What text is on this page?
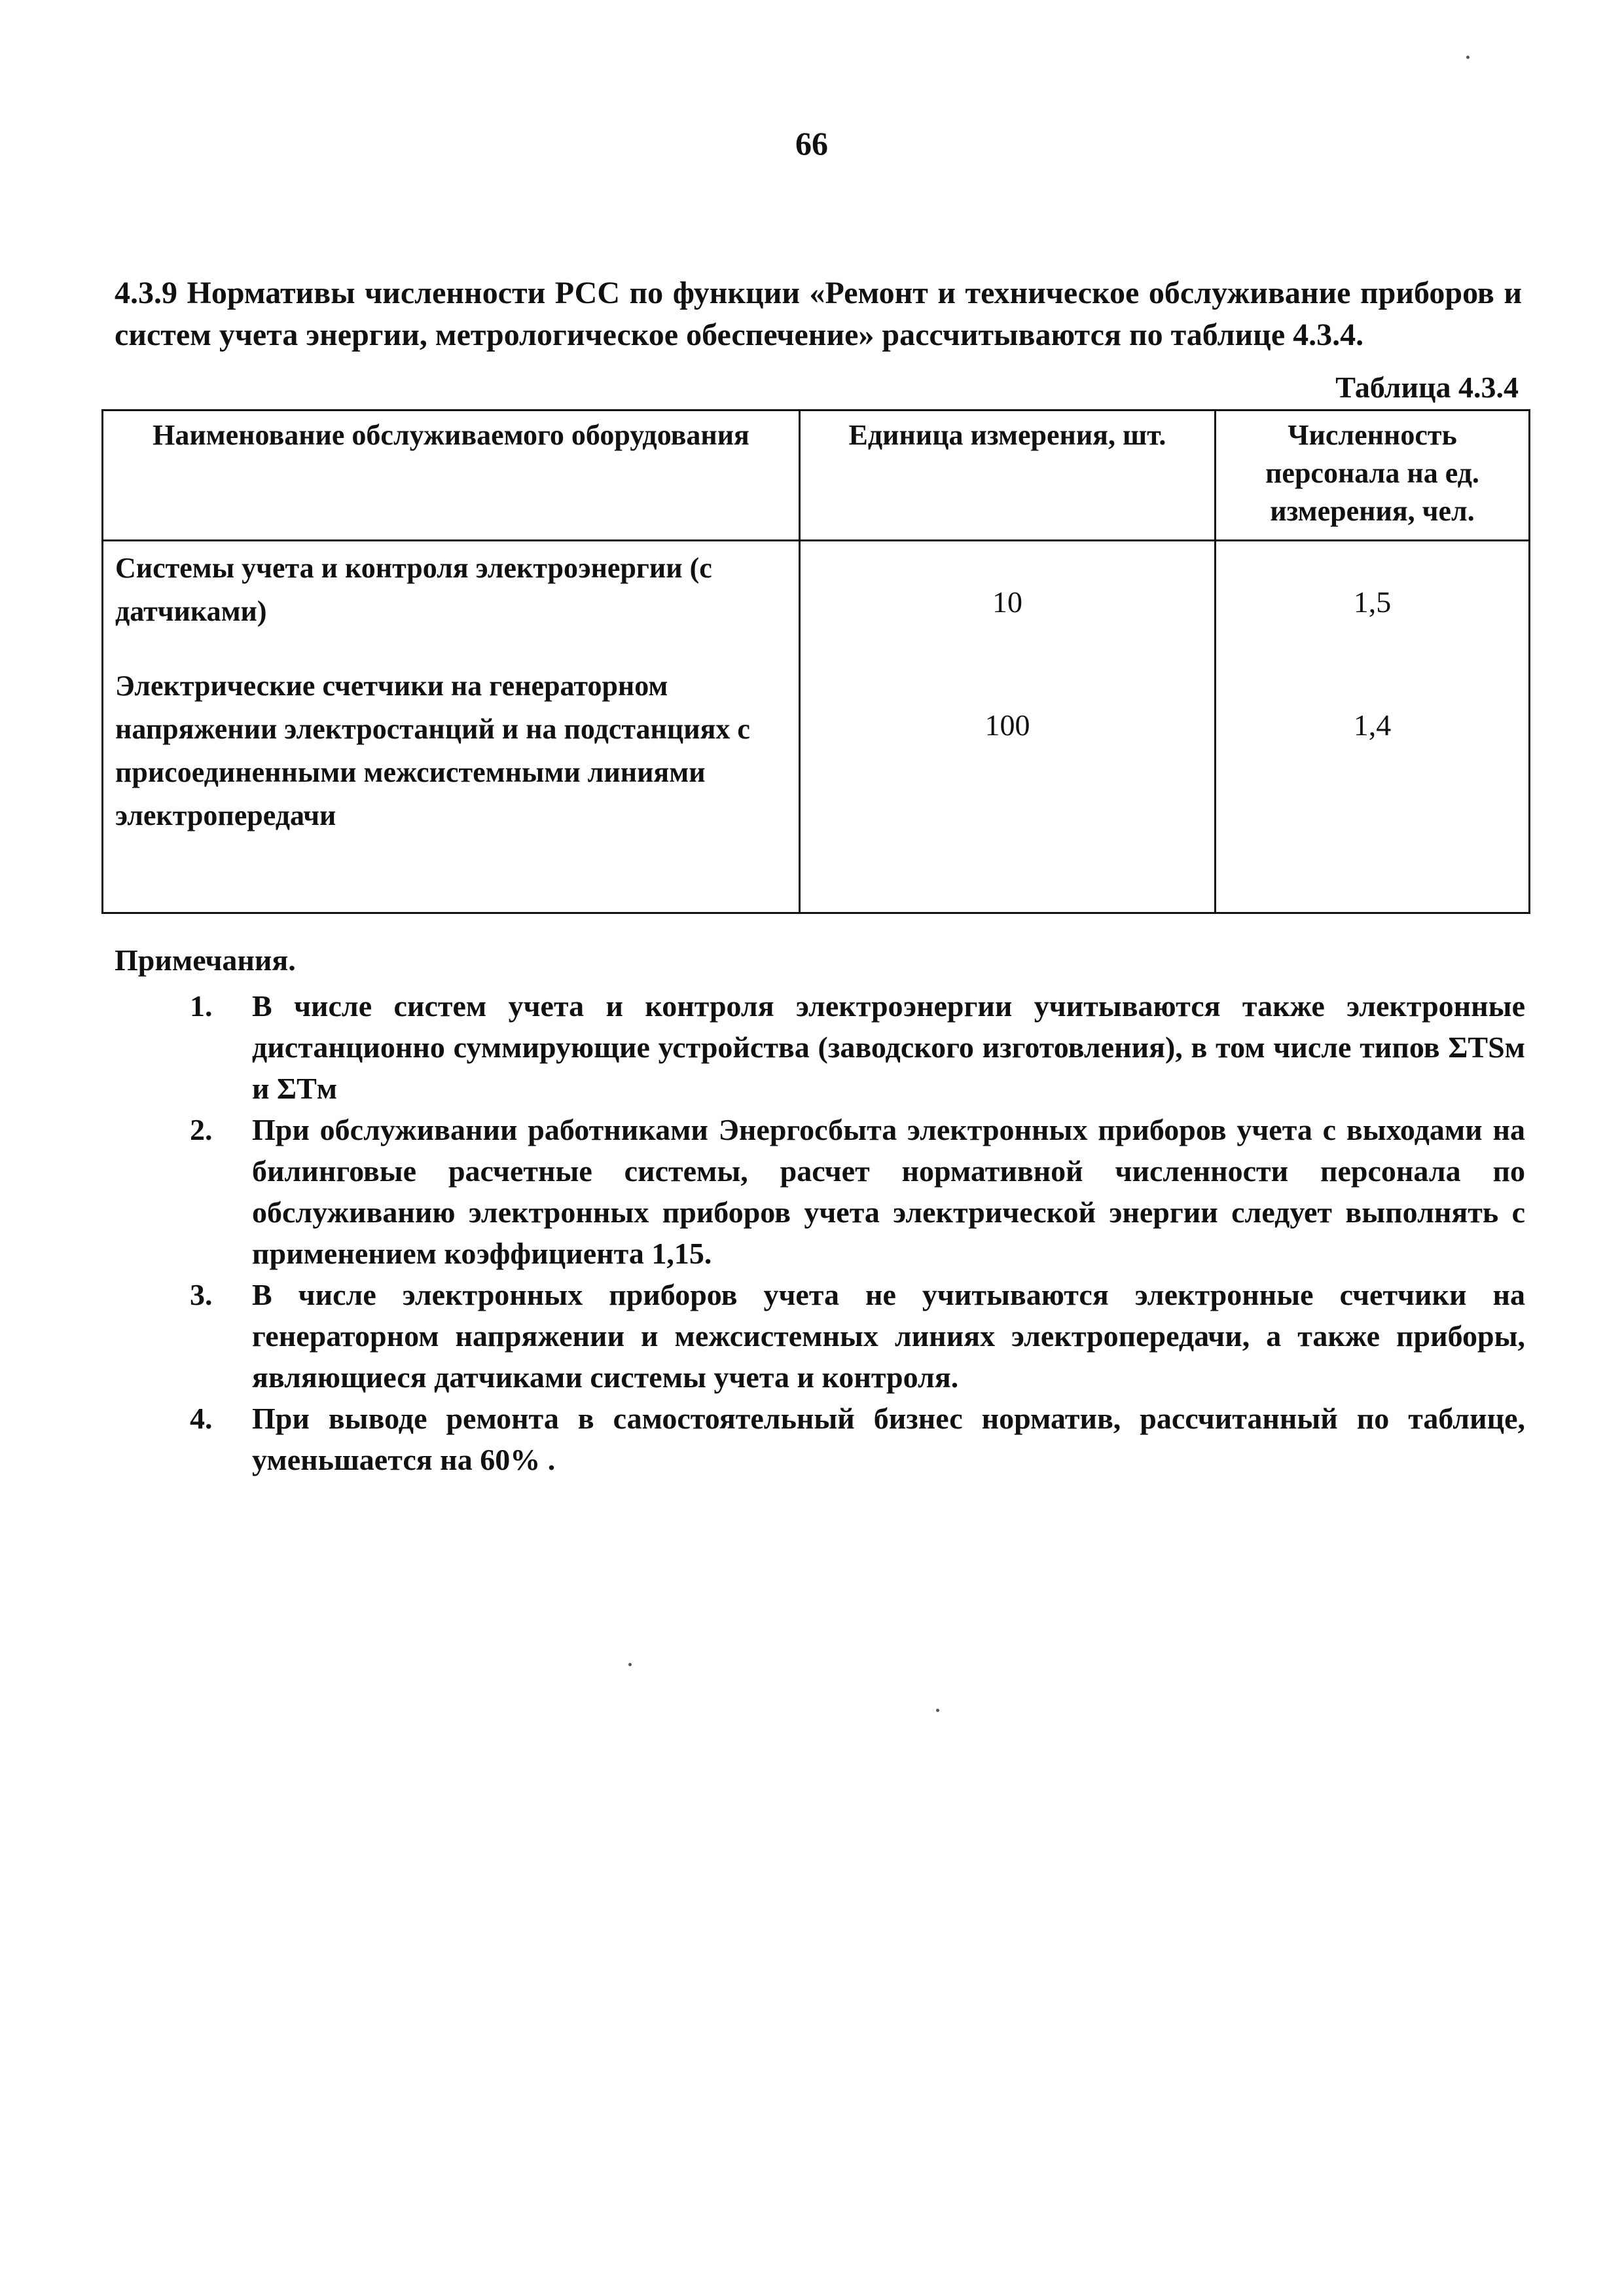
66

4.3.9 Нормативы численности РСС по функции «Ремонт и техническое обслуживание приборов и систем учета энергии, метрологическое обеспечение» рассчитываются по таблице 4.3.4.

Таблица 4.3.4
Наименование обслуживаемого оборудования	Единица измерения, шт.	Численность персонала на ед. измерения, чел.
Системы учета и контроля электроэнергии (с датчиками)	10	1,5
Электрические счетчики на генераторном напряжении электростанций и на подстанциях с присоединенными межсистемными линиями электропередачи	100	1,4
Примечания.
1.	В числе систем учета и контроля электроэнергии учитываются также электронные дистанционно суммирующие устройства (заводского изготовления), в том числе типов ΣTSм и ΣTм
2.	При обслуживании работниками Энергосбыта электронных приборов учета с выходами на билинговые расчетные системы, расчет нормативной численности персонала по обслуживанию электронных приборов учета электрической энергии следует выполнять с применением коэффициента 1,15.
3.	В числе электронных приборов учета не учитываются электронные счетчики на генераторном напряжении и межсистемных линиях электропередачи, а также приборы, являющиеся датчиками системы учета и контроля.
4.	При выводе ремонта в самостоятельный бизнес норматив, рассчитанный по таблице, уменьшается на 60% .
